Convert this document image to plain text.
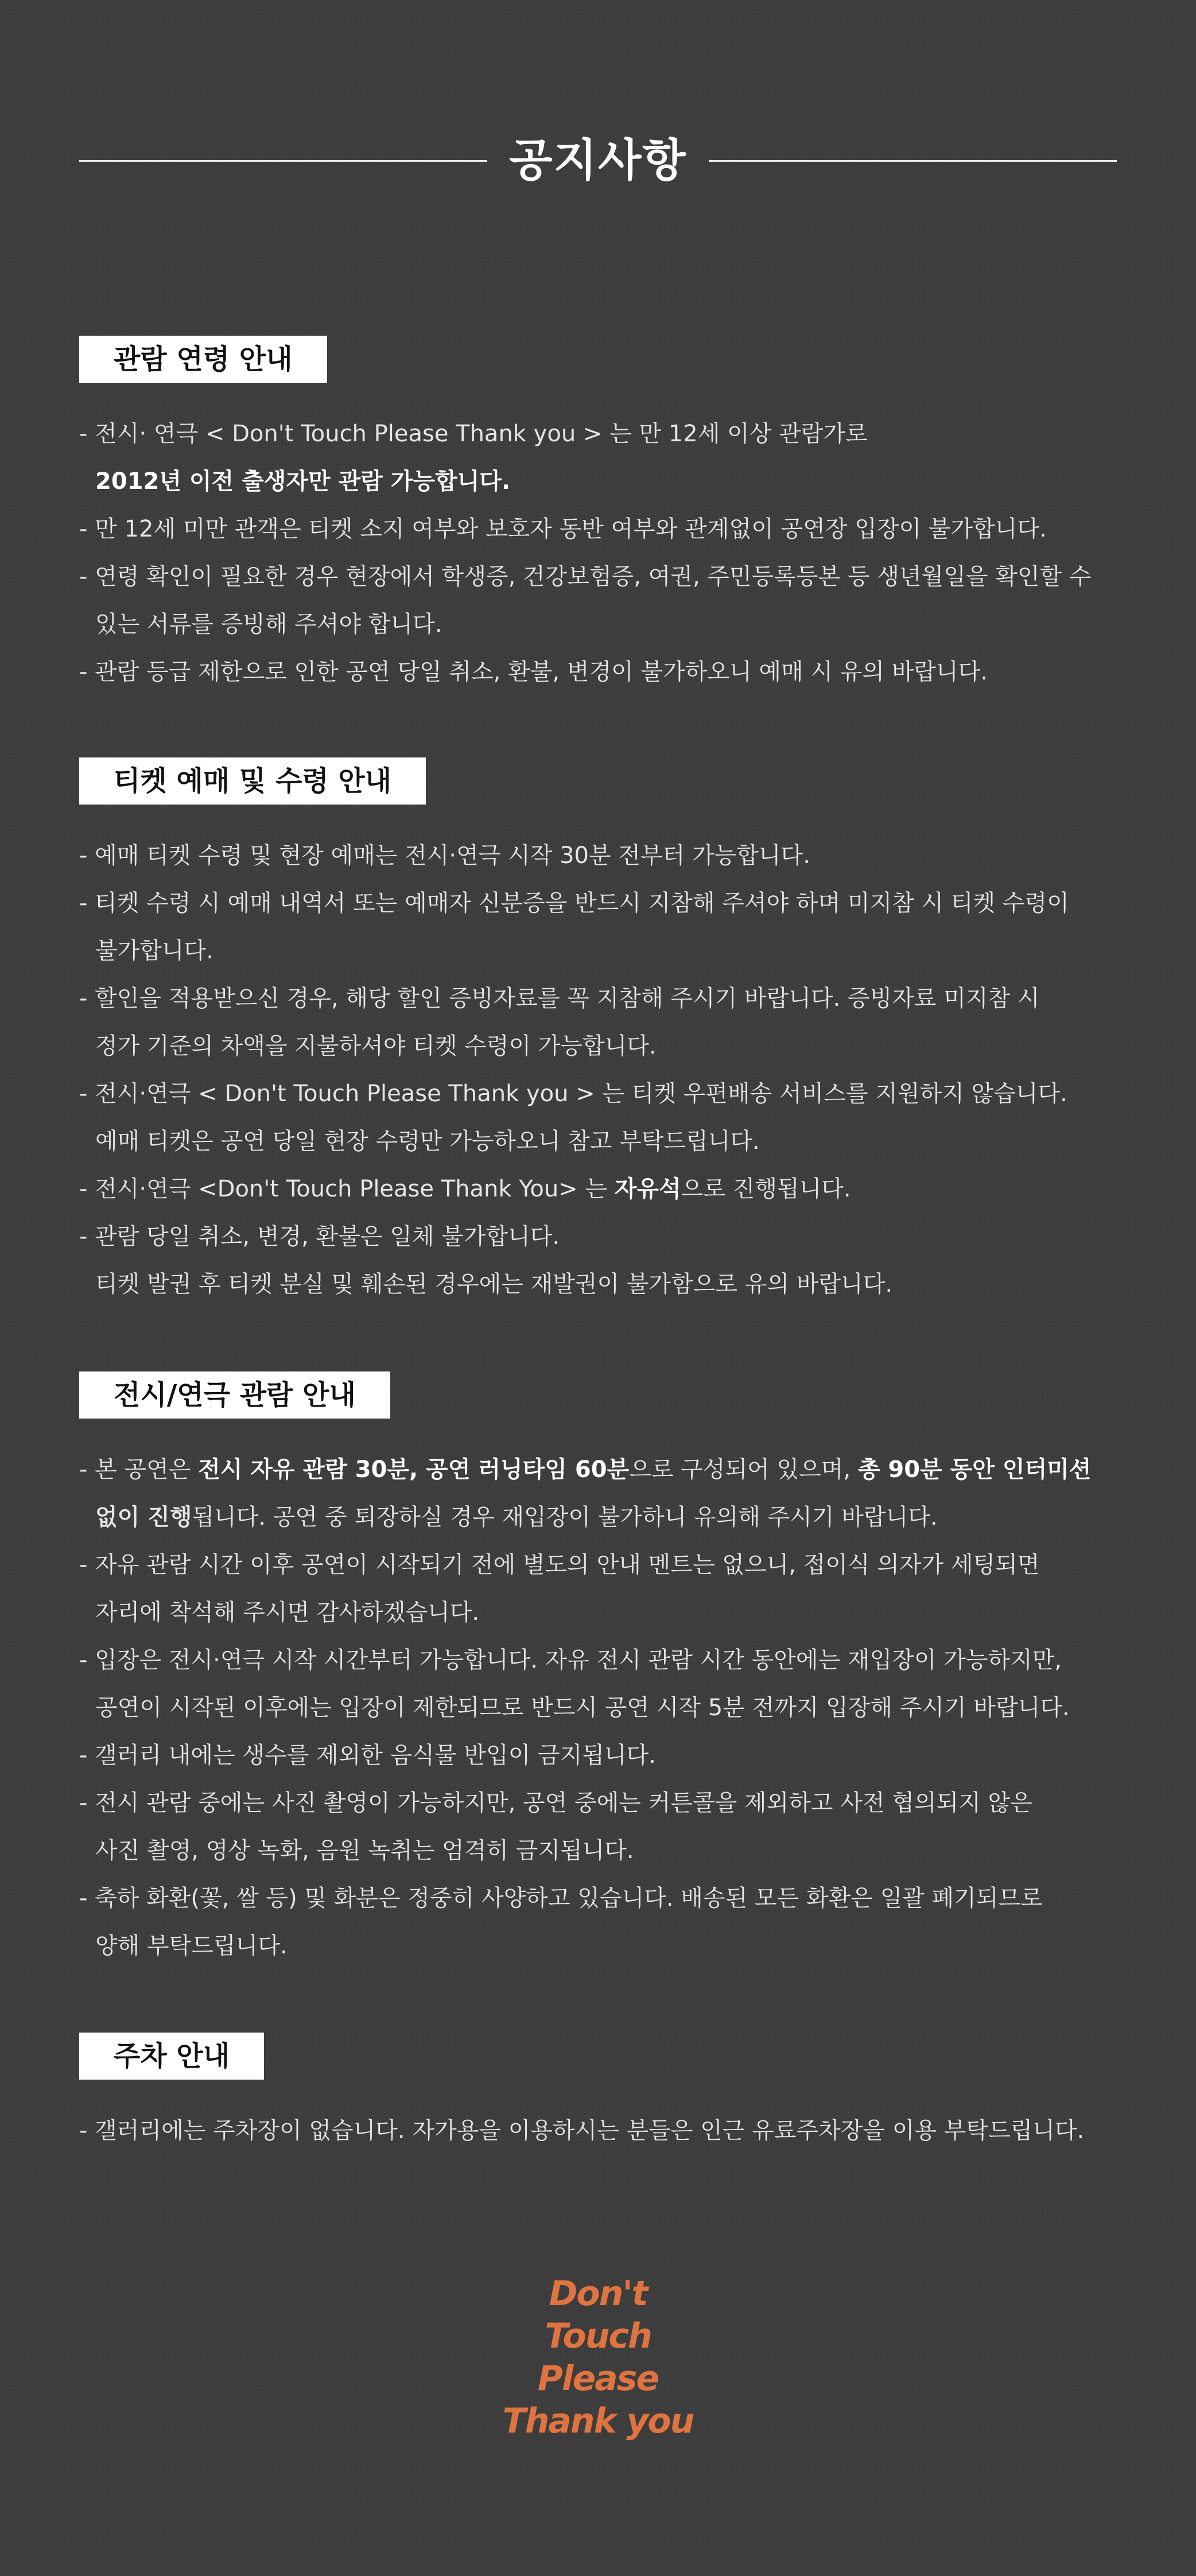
공지사항
관람 연령 안내
- 전시· 연극 < Don't Touch Please Thank you > 는 만 12세 이상 관람가로
2012년 이전 출생자만 관람 가능합니다.
- 만 12세 미만 관객은 티켓 소지 여부와 보호자 동반 여부와 관계없이 공연장 입장이 불가합니다.
- 연령 확인이 필요한 경우 현장에서 학생증, 건강보험증, 여권, 주민등록등본 등 생년월일을 확인할 수
있는 서류를 증빙해 주셔야 합니다.
- 관람 등급 제한으로 인한 공연 당일 취소, 환불, 변경이 불가하오니 예매 시 유의 바랍니다.
티켓 예매 및 수령 안내
- 예매 티켓 수령 및 현장 예매는 전시·연극 시작 30분 전부터 가능합니다.
- 티켓 수령 시 예매 내역서 또는 예매자 신분증을 반드시 지참해 주셔야 하며 미지참 시 티켓 수령이
불가합니다.
- 할인을 적용받으신 경우, 해당 할인 증빙자료를 꼭 지참해 주시기 바랍니다. 증빙자료 미지참 시
정가 기준의 차액을 지불하셔야 티켓 수령이 가능합니다.
- 전시·연극 < Don't Touch Please Thank you > 는 티켓 우편배송 서비스를 지원하지 않습니다.
예매 티켓은 공연 당일 현장 수령만 가능하오니 참고 부탁드립니다.
- 전시·연극 <Don't Touch Please Thank You> 는 자유석으로 진행됩니다.
- 관람 당일 취소, 변경, 환불은 일체 불가합니다.
티켓 발권 후 티켓 분실 및 훼손된 경우에는 재발권이 불가함으로 유의 바랍니다.
전시/연극 관람 안내
- 본 공연은 전시 자유 관람 30분, 공연 러닝타임 60분으로 구성되어 있으며, 총 90분 동안 인터미션
없이 진행됩니다. 공연 중 퇴장하실 경우 재입장이 불가하니 유의해 주시기 바랍니다.
- 자유 관람 시간 이후 공연이 시작되기 전에 별도의 안내 멘트는 없으니, 접이식 의자가 세팅되면
자리에 착석해 주시면 감사하겠습니다.
- 입장은 전시·연극 시작 시간부터 가능합니다. 자유 전시 관람 시간 동안에는 재입장이 가능하지만,
공연이 시작된 이후에는 입장이 제한되므로 반드시 공연 시작 5분 전까지 입장해 주시기 바랍니다.
- 갤러리 내에는 생수를 제외한 음식물 반입이 금지됩니다.
- 전시 관람 중에는 사진 촬영이 가능하지만, 공연 중에는 커튼콜을 제외하고 사전 협의되지 않은
사진 촬영, 영상 녹화, 음원 녹취는 엄격히 금지됩니다.
- 축하 화환(꽃, 쌀 등) 및 화분은 정중히 사양하고 있습니다. 배송된 모든 화환은 일괄 폐기되므로
양해 부탁드립니다.
주차 안내
- 갤러리에는 주차장이 없습니다. 자가용을 이용하시는 분들은 인근 유료주차장을 이용 부탁드립니다.
Don't
Touch
Please
Thank you
